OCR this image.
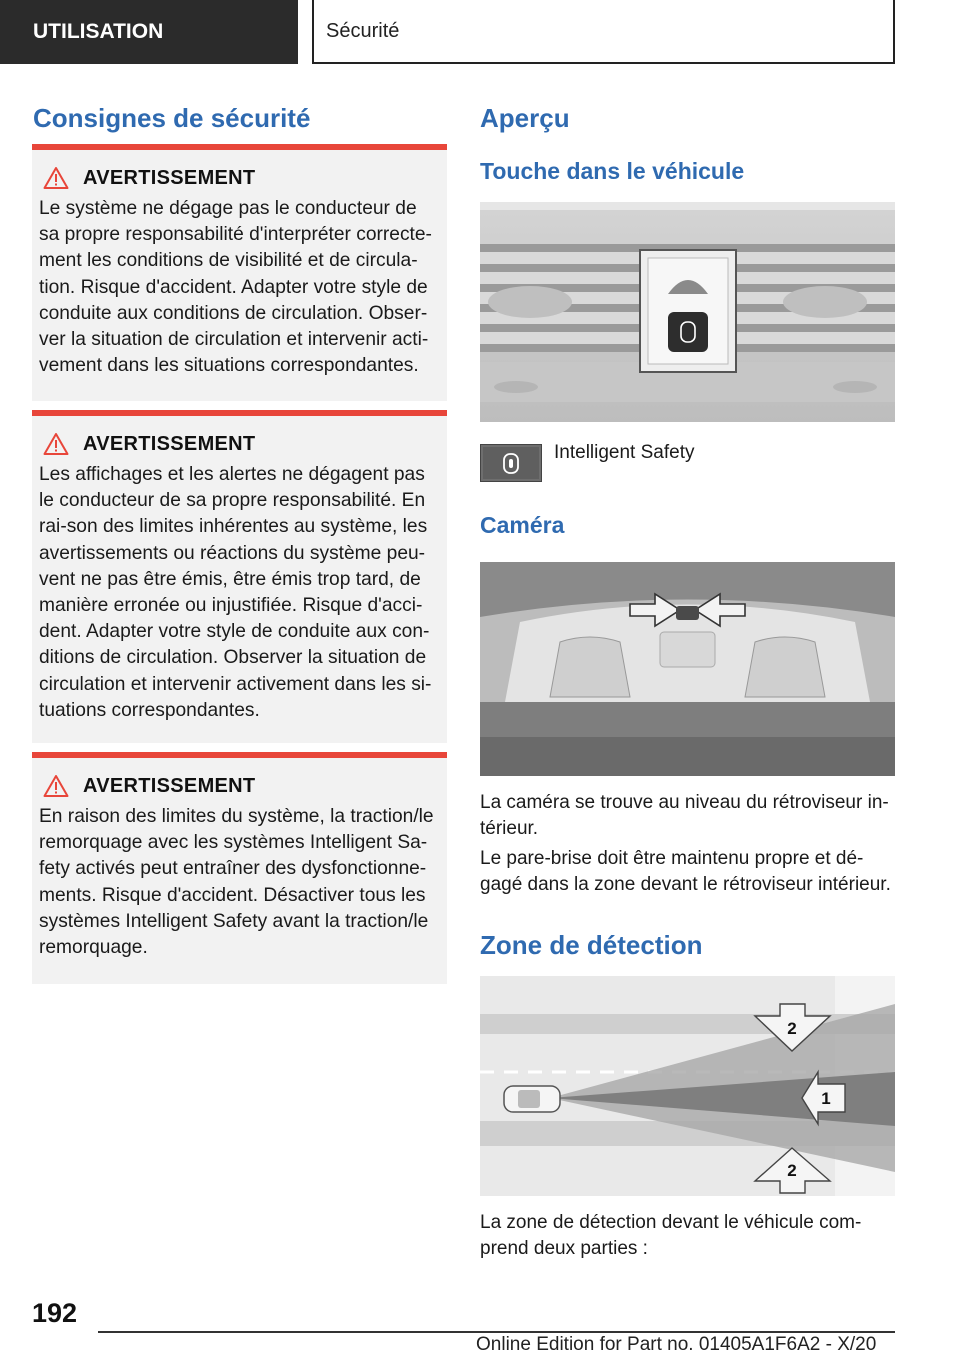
UTILISATION	Sécurité
Consignes de sécurité
AVERTISSEMENT

Le système ne dégage pas le conducteur de sa propre responsabilité d'interpréter correcte-ment les conditions de visibilité et de circula-tion. Risque d'accident. Adapter votre style de conduite aux conditions de circulation. Obser-ver la situation de circulation et intervenir acti-vement dans les situations correspondantes.

AVERTISSEMENT

Les affichages et les alertes ne dégagent pas le conducteur de sa propre responsabilité. En rai-son des limites inhérentes au système, les avertissements ou réactions du système peu-vent ne pas être émis, être émis trop tard, de manière erronée ou injustifiée. Risque d'acci-dent. Adapter votre style de conduite aux con-ditions de circulation. Observer la situation de circulation et intervenir activement dans les si-tuations correspondantes.

AVERTISSEMENT

En raison des limites du système, la traction/le remorquage avec les systèmes Intelligent Sa-fety activés peut entraîner des dysfonctionne-ments. Risque d'accident. Désactiver tous les systèmes Intelligent Safety avant la traction/le remorquage.

Aperçu
Touche dans le véhicule

Intelligent Safety

Caméra

La caméra se trouve au niveau du rétroviseur in-térieur.

Le pare-brise doit être maintenu propre et dé-gagé dans la zone devant le rétroviseur intérieur.

Zone de détection
2
1
2

La zone de détection devant le véhicule com-prend deux parties :

192
Online Edition for Part no. 01405A1F6A2 - X/20
